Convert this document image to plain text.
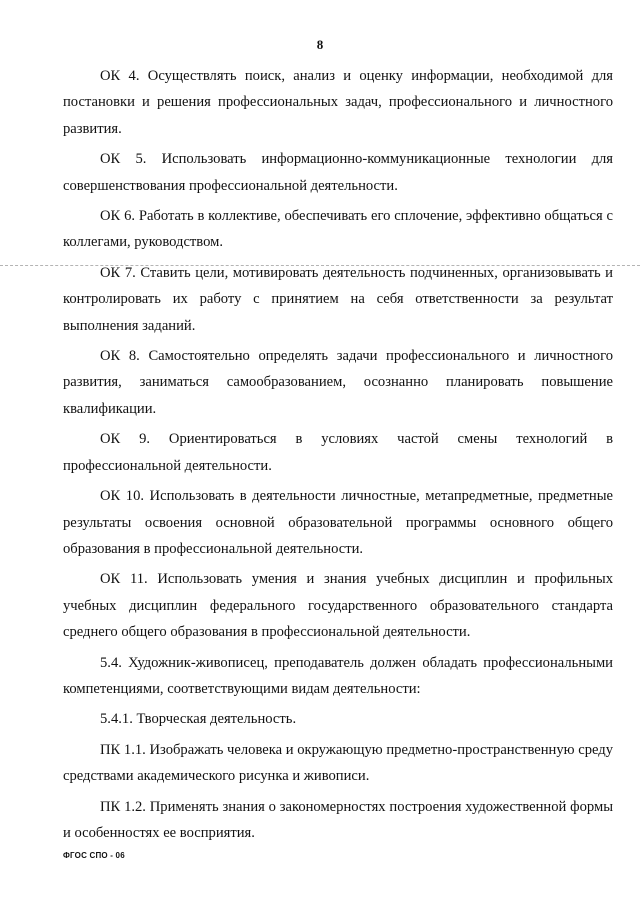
8

ОК 4. Осуществлять поиск, анализ и оценку информации, необходимой для постановки и решения профессиональных задач, профессионального и личностного развития.

ОК 5. Использовать информационно-коммуникационные технологии для совершенствования профессиональной деятельности.

ОК 6. Работать в коллективе, обеспечивать его сплочение, эффективно общаться с коллегами, руководством.

ОК 7. Ставить цели, мотивировать деятельность подчиненных, организовывать и контролировать их работу с принятием на себя ответственности за результат выполнения заданий.

ОК 8. Самостоятельно определять задачи профессионального и личностного развития, заниматься самообразованием, осознанно планировать повышение квалификации.

ОК 9. Ориентироваться в условиях частой смены технологий в профессиональной деятельности.

ОК 10. Использовать в деятельности личностные, метапредметные, предметные результаты освоения основной образовательной программы основного общего образования в профессиональной деятельности.

ОК 11. Использовать умения и знания учебных дисциплин и профильных учебных дисциплин федерального государственного образовательного стандарта среднего общего образования в профессиональной деятельности.

5.4. Художник-живописец, преподаватель должен обладать профессиональными компетенциями, соответствующими видам деятельности:

5.4.1. Творческая деятельность.

ПК 1.1. Изображать человека и окружающую предметно-пространственную среду средствами академического рисунка и живописи.

ПК 1.2. Применять знания о закономерностях построения художественной формы и особенностях ее восприятия.

ФГОС СПО - 06
